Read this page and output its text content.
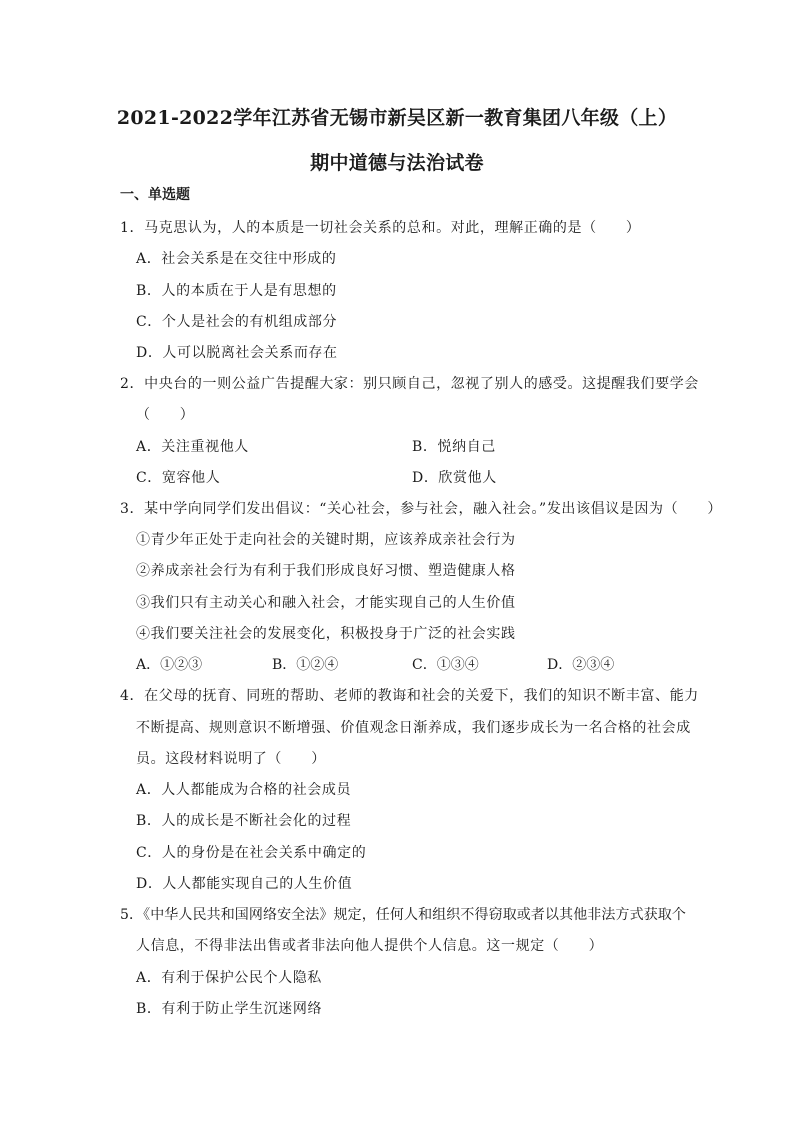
2021-2022学年江苏省无锡市新吴区新一教育集团八年级（上）
期中道德与法治试卷
一、单选题
1．马克思认为，人的本质是一切社会关系的总和。对此，理解正确的是（　　）
A．社会关系是在交往中形成的
B．人的本质在于人是有思想的
C．个人是社会的有机组成部分
D．人可以脱离社会关系而存在
2．中央台的一则公益广告提醒大家：别只顾自己，忽视了别人的感受。这提醒我们要学会
（　　）
A．关注重视他人	B．悦纳自己
C．宽容他人	D．欣赏他人
3．某中学向同学们发出倡议：“关心社会，参与社会，融入社会。”发出该倡议是因为（　　）
①青少年正处于走向社会的关键时期，应该养成亲社会行为
②养成亲社会行为有利于我们形成良好习惯、塑造健康人格
③我们只有主动关心和融入社会，才能实现自己的人生价值
④我们要关注社会的发展变化，积极投身于广泛的社会实践
A．①②③	B．①②④	C．①③④	D．②③④
4．在父母的抚育、同班的帮助、老师的教诲和社会的关爱下，我们的知识不断丰富、能力
不断提高、规则意识不断增强、价值观念日渐养成，我们逐步成长为一名合格的社会成
员。这段材料说明了（　　）
A．人人都能成为合格的社会成员
B．人的成长是不断社会化的过程
C．人的身份是在社会关系中确定的
D．人人都能实现自己的人生价值
5．《中华人民共和国网络安全法》规定，任何人和组织不得窃取或者以其他非法方式获取个
人信息，不得非法出售或者非法向他人提供个人信息。这一规定（　　）
A．有利于保护公民个人隐私
B．有利于防止学生沉迷网络
